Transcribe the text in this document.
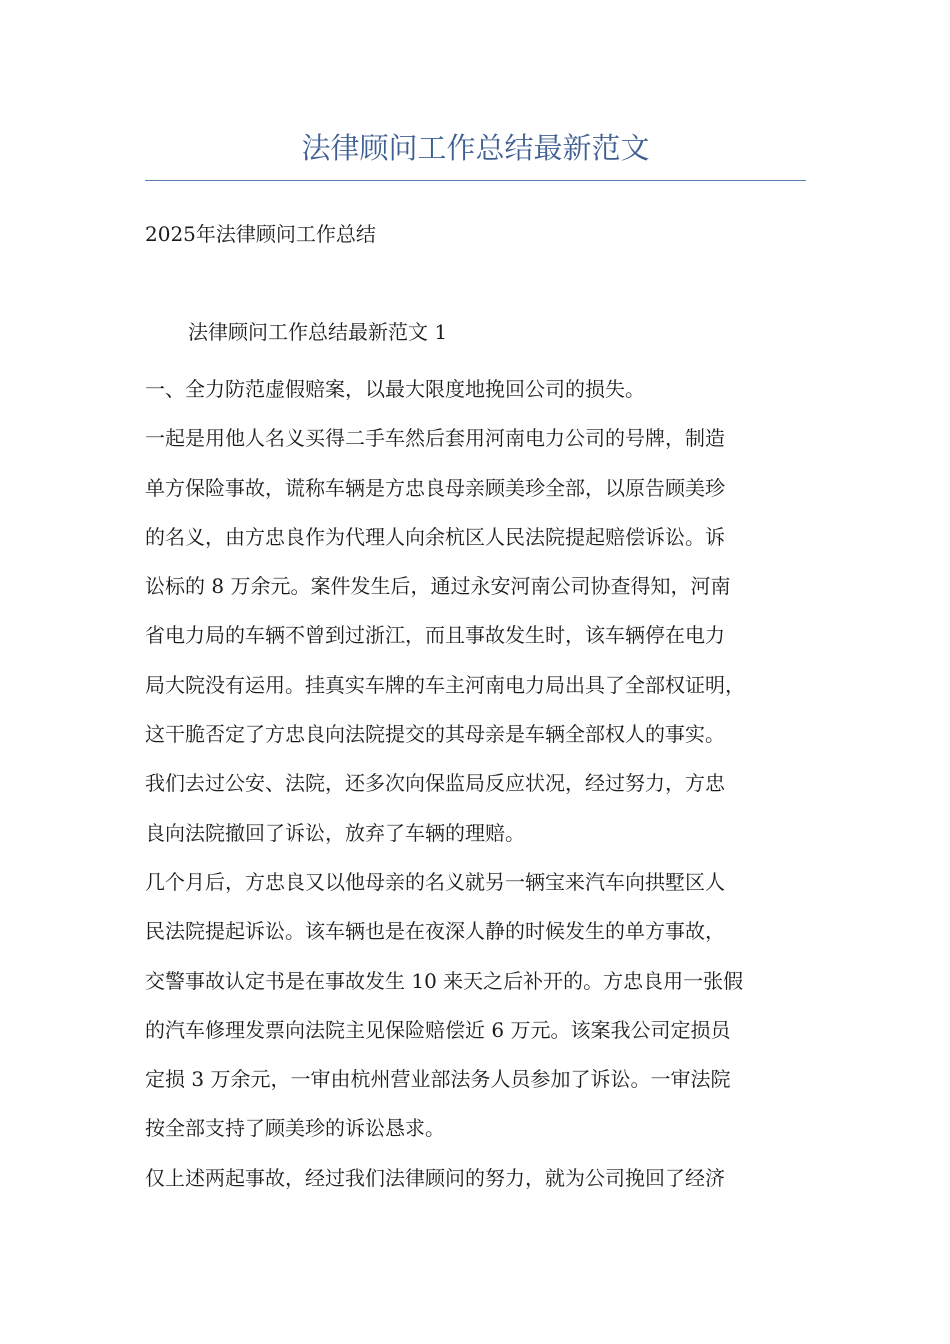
法律顾问工作总结最新范文

2025年法律顾问工作总结

法律顾问工作总结最新范文 1

一、全力防范虚假赔案，以最大限度地挽回公司的损失。
一起是用他人名义买得二手车然后套用河南电力公司的号牌，制造
单方保险事故，谎称车辆是方忠良母亲顾美珍全部，以原告顾美珍
的名义，由方忠良作为代理人向余杭区人民法院提起赔偿诉讼。诉
讼标的 8 万余元。案件发生后，通过永安河南公司协查得知，河南
省电力局的车辆不曾到过浙江，而且事故发生时，该车辆停在电力
局大院没有运用。挂真实车牌的车主河南电力局出具了全部权证明，
这干脆否定了方忠良向法院提交的其母亲是车辆全部权人的事实。
我们去过公安、法院，还多次向保监局反应状况，经过努力，方忠
良向法院撤回了诉讼，放弃了车辆的理赔。
几个月后，方忠良又以他母亲的名义就另一辆宝来汽车向拱墅区人
民法院提起诉讼。该车辆也是在夜深人静的时候发生的单方事故，
交警事故认定书是在事故发生 10 来天之后补开的。方忠良用一张假
的汽车修理发票向法院主见保险赔偿近 6 万元。该案我公司定损员
定损 3 万余元，一审由杭州营业部法务人员参加了诉讼。一审法院
按全部支持了顾美珍的诉讼恳求。
仅上述两起事故，经过我们法律顾问的努力，就为公司挽回了经济
